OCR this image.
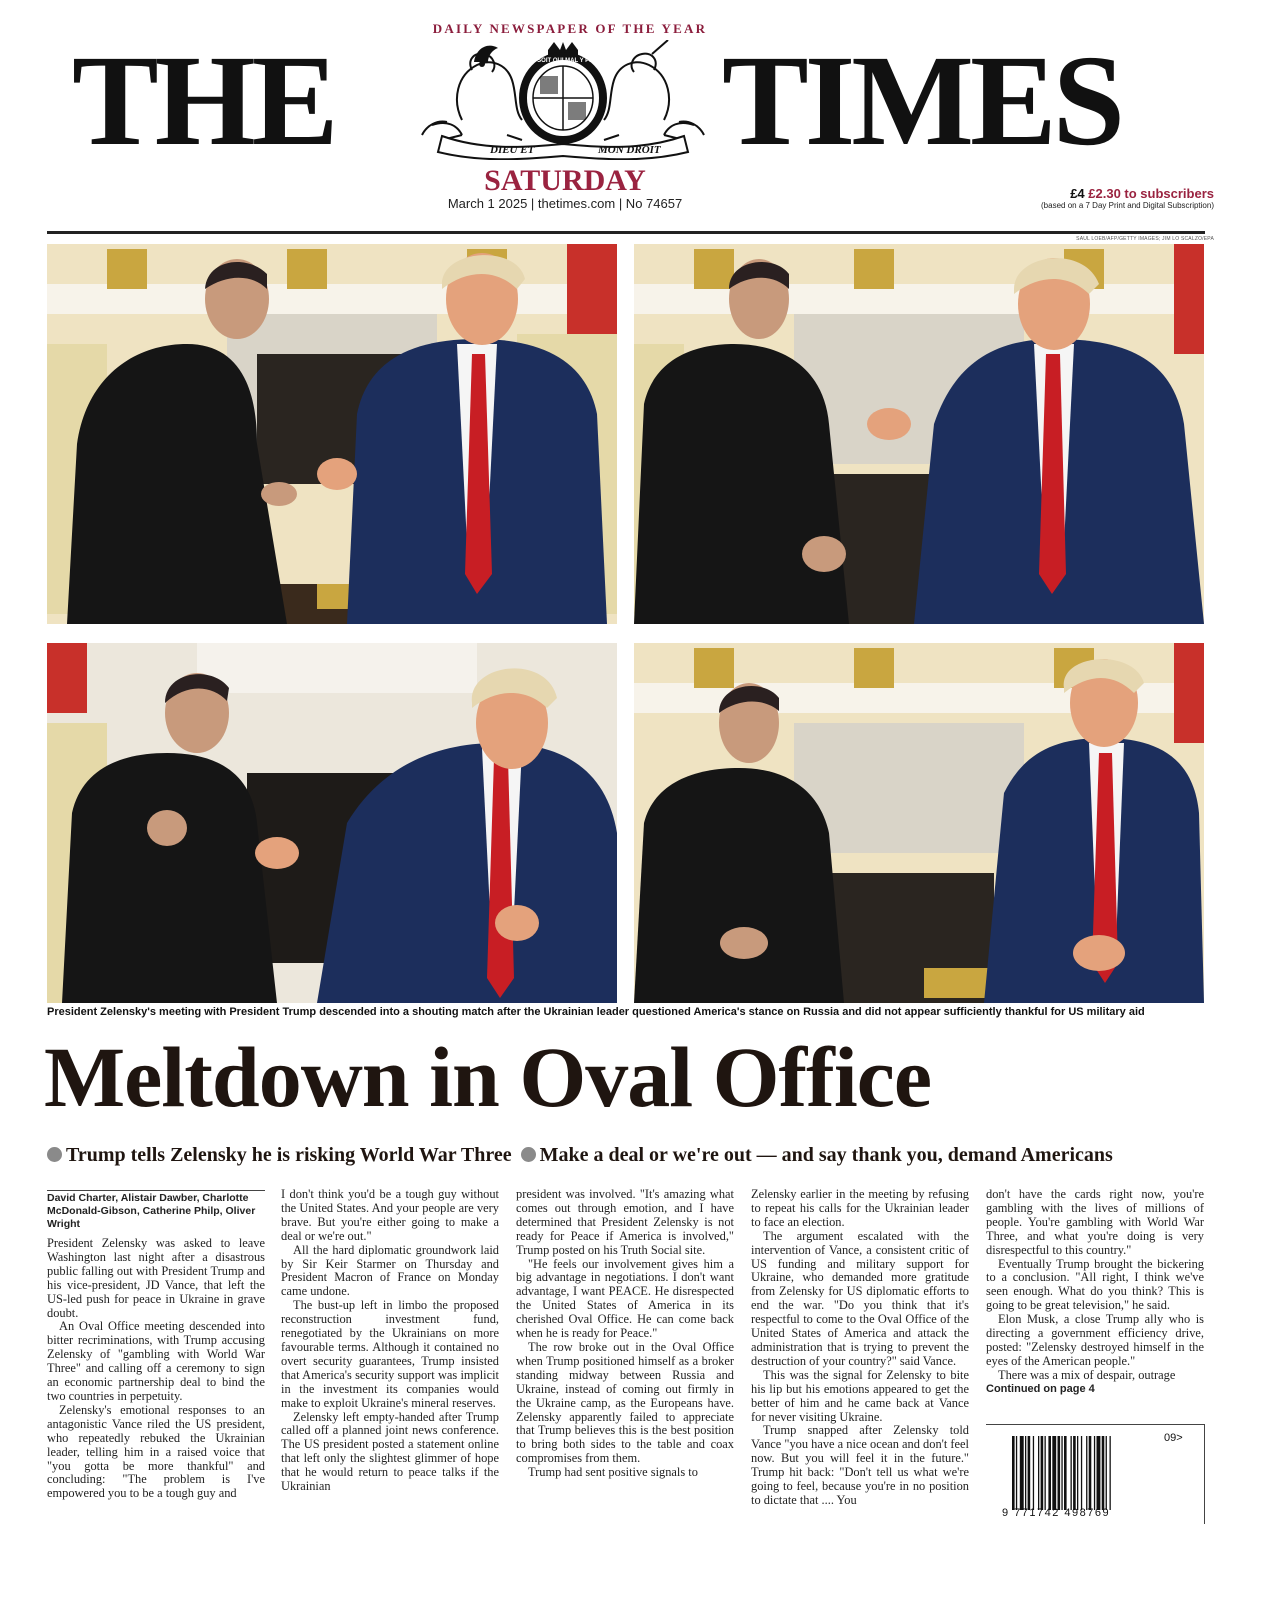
DAILY NEWSPAPER OF THE YEAR
THE	TIMES
HONI SOIT QUI MAL Y PENSE
DIEU ET	MON DROIT
SATURDAY
March 1 2025 | thetimes.com | No 74657
£4 £2.30 to subscribers
(based on a 7 Day Print and Digital Subscription)
SAUL LOEB/AFP/GETTY IMAGES; JIM LO SCALZO/EPA
President Zelensky's meeting with President Trump descended into a shouting match after the Ukrainian leader questioned America's stance on Russia and did not appear sufficiently thankful for US military aid
Meltdown in Oval Office
Trump tells Zelensky he is risking World War Three Make a deal or we're out — and say thank you, demand Americans
David Charter, Alistair Dawber, Charlotte McDonald-Gibson, Catherine Philp, Oliver Wright

President Zelensky was asked to leave Washington last night after a disastrous public falling out with President Trump and his vice-president, JD Vance, that left the US-led push for peace in Ukraine in grave doubt.

An Oval Office meeting descended into bitter recriminations, with Trump accusing Zelensky of "gambling with World War Three" and calling off a ceremony to sign an economic partnership deal to bind the two countries in perpetuity.

Zelensky's emotional responses to an antagonistic Vance riled the US president, who repeatedly rebuked the Ukrainian leader, telling him in a raised voice that "you gotta be more thankful" and concluding: "The problem is I've empowered you to be a tough guy and

I don't think you'd be a tough guy without the United States. And your people are very brave. But you're either going to make a deal or we're out."

All the hard diplomatic groundwork laid by Sir Keir Starmer on Thursday and President Macron of France on Monday came undone.

The bust-up left in limbo the proposed reconstruction investment fund, renegotiated by the Ukrainians on more favourable terms. Although it contained no overt security guarantees, Trump insisted that America's security support was implicit in the investment its companies would make to exploit Ukraine's mineral reserves.

Zelensky left empty-handed after Trump called off a planned joint news conference. The US president posted a statement online that left only the slightest glimmer of hope that he would return to peace talks if the Ukrainian

president was involved. "It's amazing what comes out through emotion, and I have determined that President Zelensky is not ready for Peace if America is involved," Trump posted on his Truth Social site.

"He feels our involvement gives him a big advantage in negotiations. I don't want advantage, I want PEACE. He disrespected the United States of America in its cherished Oval Office. He can come back when he is ready for Peace."

The row broke out in the Oval Office when Trump positioned himself as a broker standing midway between Russia and Ukraine, instead of coming out firmly in the Ukraine camp, as the Europeans have. Zelensky apparently failed to appreciate that Trump believes this is the best position to bring both sides to the table and coax compromises from them.

Trump had sent positive signals to

Zelensky earlier in the meeting by refusing to repeat his calls for the Ukrainian leader to face an election.

The argument escalated with the intervention of Vance, a consistent critic of US funding and military support for Ukraine, who demanded more gratitude from Zelensky for US diplomatic efforts to end the war. "Do you think that it's respectful to come to the Oval Office of the United States of America and attack the administration that is trying to prevent the destruction of your country?" said Vance.

This was the signal for Zelensky to bite his lip but his emotions appeared to get the better of him and he came back at Vance for never visiting Ukraine.

Trump snapped after Zelensky told Vance "you have a nice ocean and don't feel now. But you will feel it in the future." Trump hit back: "Don't tell us what we're going to feel, because you're in no position to dictate that .... You

don't have the cards right now, you're gambling with the lives of millions of people. You're gambling with World War Three, and what you're doing is very disrespectful to this country."

Eventually Trump brought the bickering to a conclusion. "All right, I think we've seen enough. What do you think? This is going to be great television," he said.

Elon Musk, a close Trump ally who is directing a government efficiency drive, posted: "Zelensky destroyed himself in the eyes of the American people."

There was a mix of despair, outrage

Continued on page 4

09>
9 771742 498769
